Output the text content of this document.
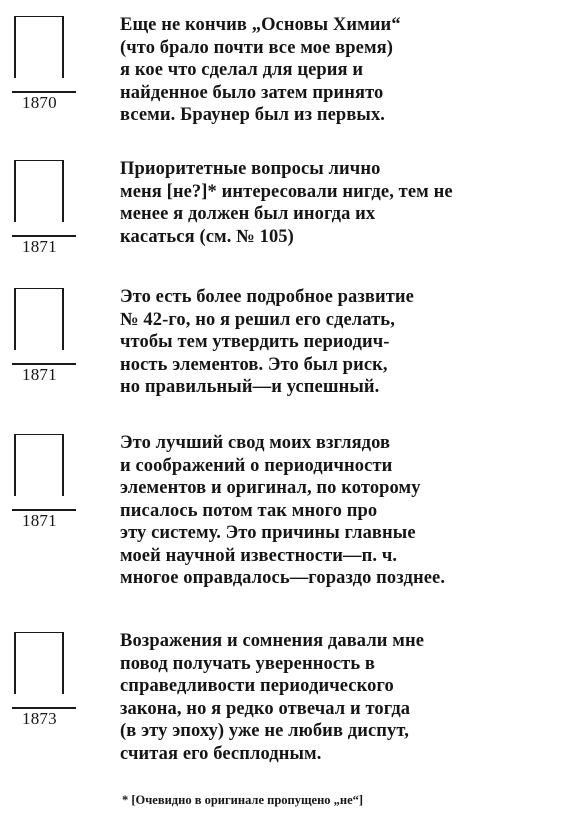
1870
Еще не кончив „Основы Химии“
(что брало почти все мое время)
я кое что сделал для церия и
найденное было затем принято
всеми. Браунер был из первых.
1871
Приоритетные вопросы лично
меня [не?]* интересовали нигде, тем не
менее я должен был иногда их
касаться (см. № 105)
1871
Это есть более подробное развитие
№ 42-го, но я решил его сделать,
чтобы тем утвердить периодич-
ность элементов. Это был риск,
но правильный—и успешный.
1871
Это лучший свод моих взглядов
и соображений о периодичности
элементов и оригинал, по которому
писалось потом так много про
эту систему. Это причины главные
моей научной известности—п. ч.
многое оправдалось—гораздо позднее.
1873
Возражения и сомнения давали мне
повод получать уверенность в
справедливости периодического
закона, но я редко отвечал и тогда
(в эту эпоху) уже не любив диспут,
считая его бесплодным.
* [Очевидно в оригинале пропущено „не“]
